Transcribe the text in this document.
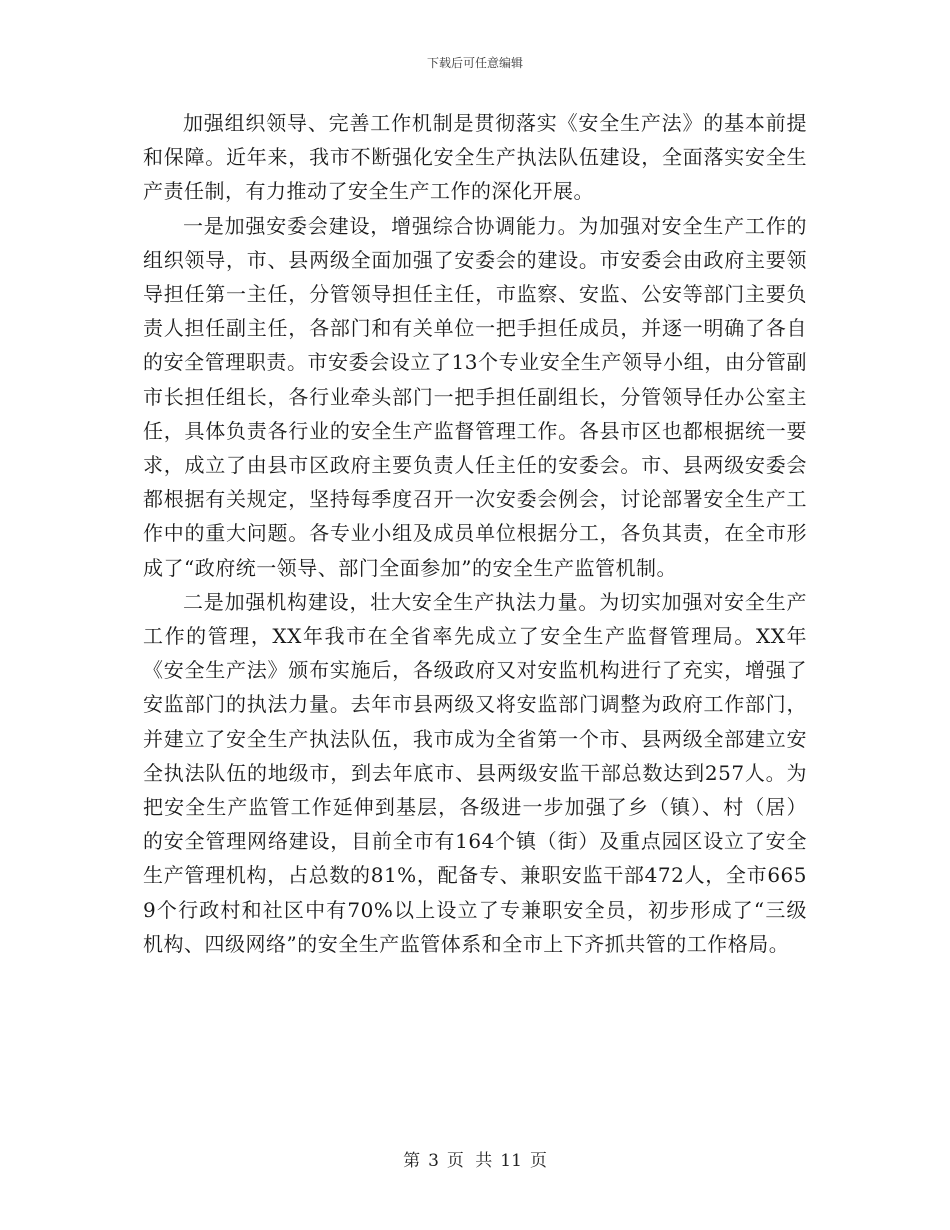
下载后可任意编辑

加强组织领导、完善工作机制是贯彻落实《安全生产法》的基本前提和保障。近年来，我市不断强化安全生产执法队伍建设，全面落实安全生产责任制，有力推动了安全生产工作的深化开展。

一是加强安委会建设，增强综合协调能力。为加强对安全生产工作的组织领导，市、县两级全面加强了安委会的建设。市安委会由政府主要领导担任第一主任，分管领导担任主任，市监察、安监、公安等部门主要负责人担任副主任，各部门和有关单位一把手担任成员，并逐一明确了各自的安全管理职责。市安委会设立了13个专业安全生产领导小组，由分管副市长担任组长，各行业牵头部门一把手担任副组长，分管领导任办公室主任，具体负责各行业的安全生产监督管理工作。各县市区也都根据统一要求，成立了由县市区政府主要负责人任主任的安委会。市、县两级安委会都根据有关规定，坚持每季度召开一次安委会例会，讨论部署安全生产工作中的重大问题。各专业小组及成员单位根据分工，各负其责，在全市形成了“政府统一领导、部门全面参加”的安全生产监管机制。

二是加强机构建设，壮大安全生产执法力量。为切实加强对安全生产工作的管理，XX年我市在全省率先成立了安全生产监督管理局。XX年《安全生产法》颁布实施后，各级政府又对安监机构进行了充实，增强了安监部门的执法力量。去年市县两级又将安监部门调整为政府工作部门，并建立了安全生产执法队伍，我市成为全省第一个市、县两级全部建立安全执法队伍的地级市，到去年底市、县两级安监干部总数达到257人。为把安全生产监管工作延伸到基层，各级进一步加强了乡（镇）、村（居）的安全管理网络建设，目前全市有164个镇（街）及重点园区设立了安全生产管理机构，占总数的81%，配备专、兼职安监干部472人，全市6659个行政村和社区中有70%以上设立了专兼职安全员，初步形成了“三级机构、四级网络”的安全生产监管体系和全市上下齐抓共管的工作格局。

第 3 页 共 11 页
